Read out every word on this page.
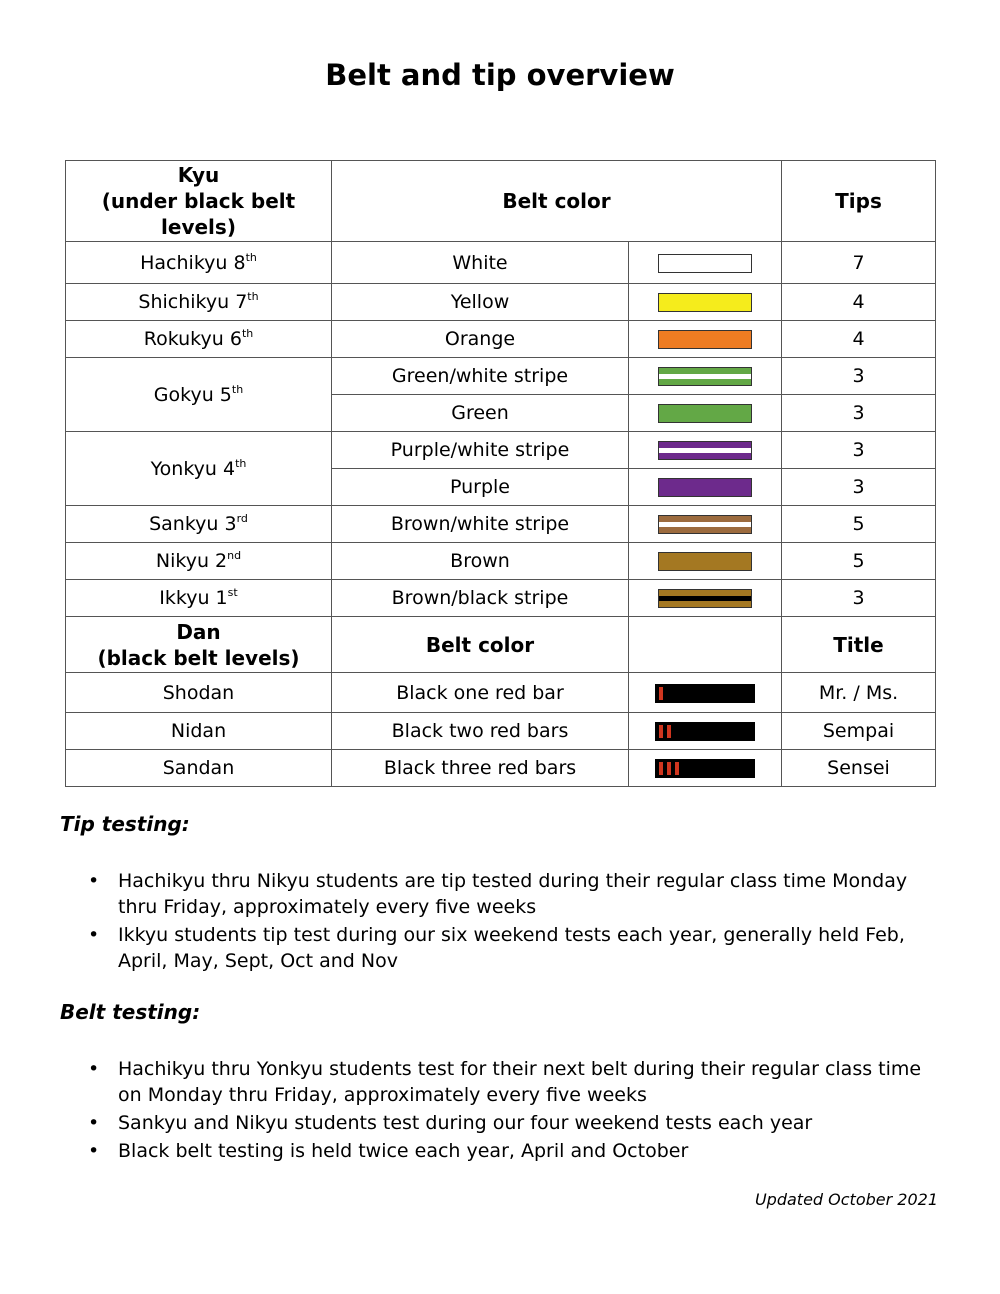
Belt and tip overview
Kyu
(under black belt levels)	Belt color		Tips
Hachikyu 8th	White		7
Shichikyu 7th	Yellow		4
Rokukyu 6th	Orange		4
Gokyu 5th	Green/white stripe		3
	Green		3
Yonkyu 4th	Purple/white stripe		3
	Purple		3
Sankyu 3rd	Brown/white stripe		5
Nikyu 2nd	Brown		5
Ikkyu 1st	Brown/black stripe		3
Dan
(black belt levels)	Belt color		Title
Shodan	Black one red bar		Mr. / Ms.
Nidan	Black two red bars		Sempai
Sandan	Black three red bars		Sensei
Tip testing:
• Hachikyu thru Nikyu students are tip tested during their regular class time Monday thru Friday, approximately every five weeks
• Ikkyu students tip test during our six weekend tests each year, generally held Feb, April, May, Sept, Oct and Nov
Belt testing:
• Hachikyu thru Yonkyu students test for their next belt during their regular class time on Monday thru Friday, approximately every five weeks
• Sankyu and Nikyu students test during our four weekend tests each year
• Black belt testing is held twice each year, April and October
Updated October 2021
